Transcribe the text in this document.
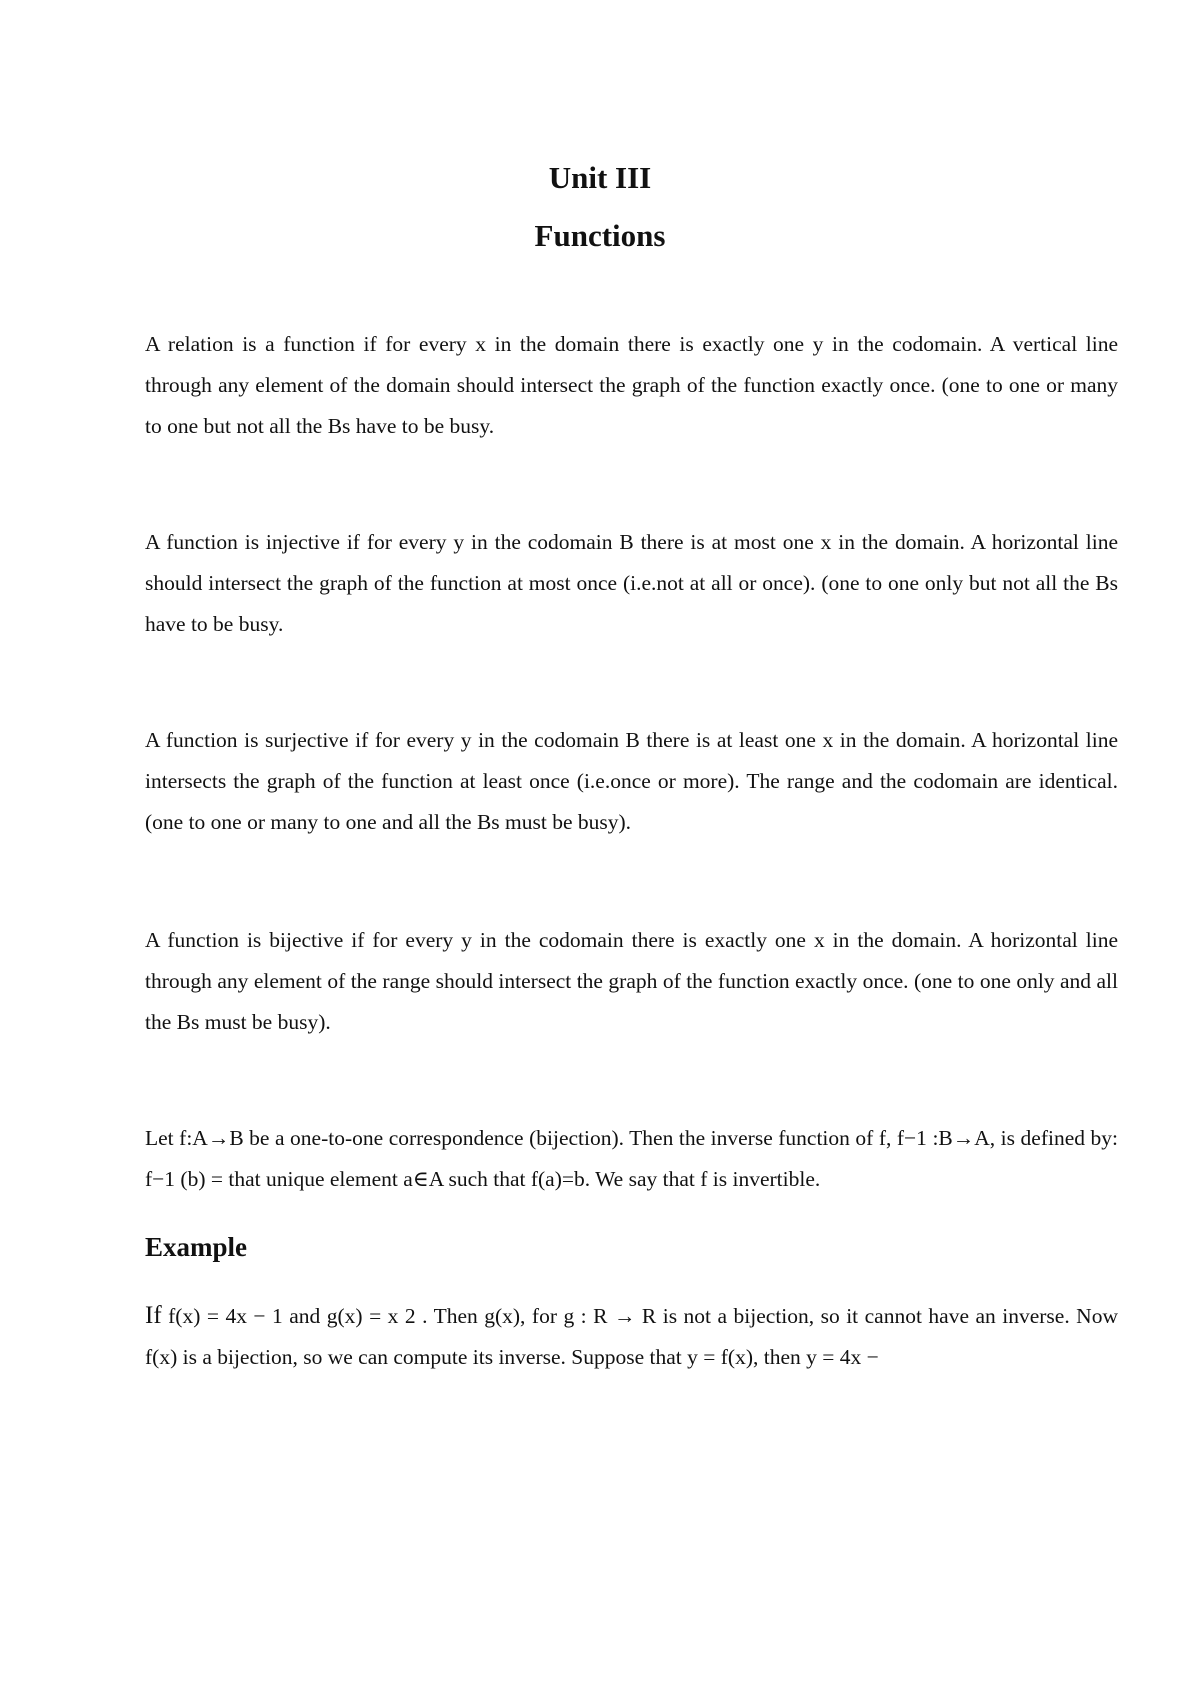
Unit III
Functions

A relation is a function if for every x in the domain there is exactly one y in the codomain. A vertical line through any element of the domain should intersect the graph of the function exactly once. (one to one or many to one but not all the Bs have to be busy.

A function is injective if for every y in the codomain B there is at most one x in the domain. A horizontal line should intersect the graph of the function at most once (i.e.not at all or once). (one to one only but not all the Bs have to be busy.

A function is surjective if for every y in the codomain B there is at least one x in the domain. A horizontal line intersects the graph of the function at least once (i.e.once or more). The range and the codomain are identical. (one to one or many to one and all the Bs must be busy).

A function is bijective if for every y in the codomain there is exactly one x in the domain. A horizontal line through any element of the range should intersect the graph of the function exactly once. (one to one only and all the Bs must be busy).

Let f:A→B be a one-to-one correspondence (bijection). Then the inverse function of f, f−1 :B→A, is defined by: f−1 (b) = that unique element a∈A such that f(a)=b. We say that f is invertible.

Example

If f(x) = 4x − 1 and g(x) = x 2 . Then g(x), for g : R → R is not a bijection, so it cannot have an inverse. Now f(x) is a bijection, so we can compute its inverse. Suppose that y = f(x), then y = 4x −
